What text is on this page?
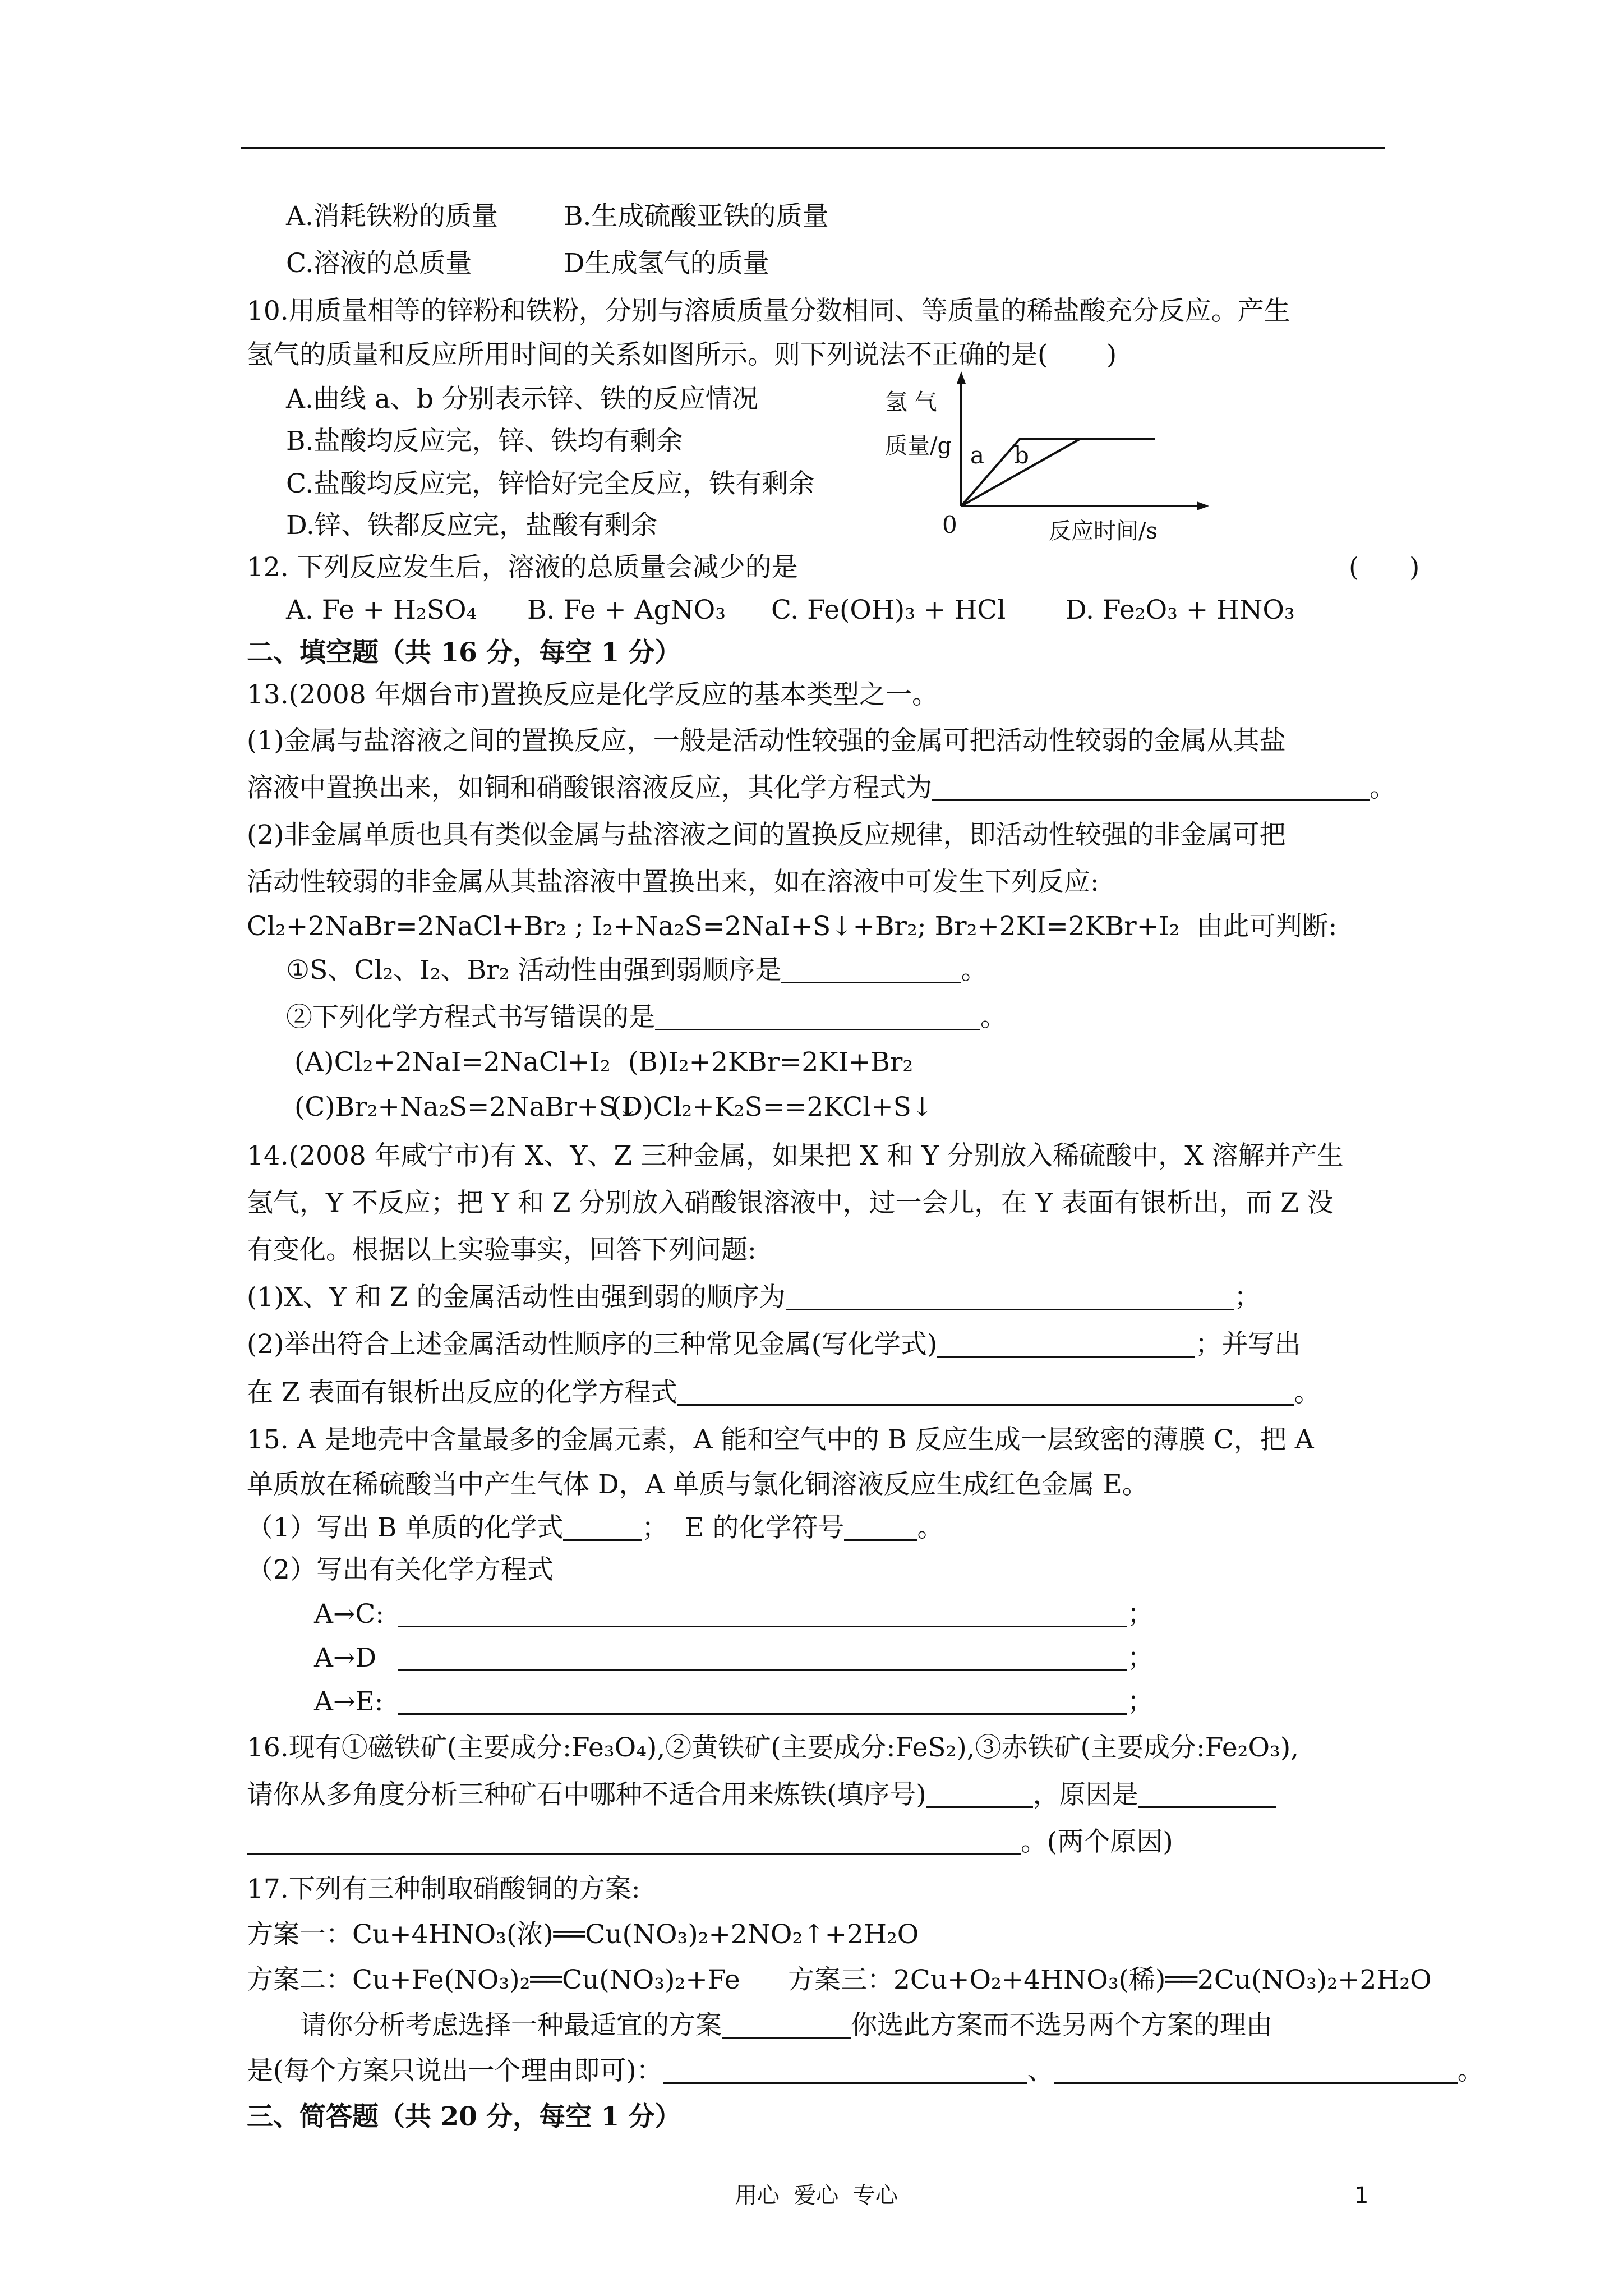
A.消耗铁粉的质量 B.生成硫酸亚铁的质量
C.溶液的总质量	D生成氢气的质量
10.用质量相等的锌粉和铁粉，分别与溶质质量分数相同、等质量的稀盐酸充分反应。产生
氢气的质量和反应所用时间的关系如图所示。则下列说法不正确的是(       )
A.曲线 a、b 分别表示锌、铁的反应情况
B.盐酸均反应完，锌、铁均有剩余
C.盐酸均反应完，锌恰好完全反应，铁有剩余
D.锌、铁都反应完，盐酸有剩余
氢 气
质量/g a b
0	反应时间/s
12. 下列反应发生后，溶液的总质量会减少的是	(      )
A. Fe + H₂SO₄ B. Fe + AgNO₃ C. Fe(OH)₃ + HCl D. Fe₂O₃ + HNO₃
二、填空题（共 16 分，每空 1 分）
13.(2008 年烟台市)置换反应是化学反应的基本类型之一。
(1)金属与盐溶液之间的置换反应，一般是活动性较强的金属可把活动性较弱的金属从其盐
溶液中置换出来，如铜和硝酸银溶液反应，其化学方程式为	。
(2)非金属单质也具有类似金属与盐溶液之间的置换反应规律，即活动性较强的非金属可把
活动性较弱的非金属从其盐溶液中置换出来，如在溶液中可发生下列反应:
Cl₂+2NaBr=2NaCl+Br₂ ; I₂+Na₂S=2NaI+S↓+Br₂; Br₂+2KI=2KBr+I₂  由此可判断:
①S、Cl₂、I₂、Br₂ 活动性由强到弱顺序是	。
②下列化学方程式书写错误的是	。
(A)Cl₂+2NaI=2NaCl+I₂ (B)I₂+2KBr=2KI+Br₂
(C)Br₂+Na₂S=2NaBr+S↓
(D)Cl₂+K₂S==2KCl+S↓
14.(2008 年咸宁市)有 X、Y、Z 三种金属，如果把 X 和 Y 分别放入稀硫酸中，X 溶解并产生
氢气，Y 不反应；把 Y 和 Z 分别放入硝酸银溶液中，过一会儿，在 Y 表面有银析出，而 Z 没
有变化。根据以上实验事实，回答下列问题:
(1)X、Y 和 Z 的金属活动性由强到弱的顺序为	；
(2)举出符合上述金属活动性顺序的三种常见金属(写化学式)	；并写出
在 Z 表面有银析出反应的化学方程式	。
15. A 是地壳中含量最多的金属元素，A 能和空气中的 B 反应生成一层致密的薄膜 C，把 A
单质放在稀硫酸当中产生气体 D，A 单质与氯化铜溶液反应生成红色金属 E。
（1）写出 B 单质的化学式	；  E 的化学符号	。
（2）写出有关化学方程式
A→C:	；
A→D	；
A→E:	；
16.现有①磁铁矿(主要成分:Fe₃O₄),②黄铁矿(主要成分:FeS₂),③赤铁矿(主要成分:Fe₂O₃),
请你从多角度分析三种矿石中哪种不适合用来炼铁(填序号)	，原因是
。(两个原因)
17.下列有三种制取硝酸铜的方案:
方案一：Cu+4HNO₃(浓)══Cu(NO₃)₂+2NO₂↑+2H₂O
方案二：Cu+Fe(NO₃)₂══Cu(NO₃)₂+Fe 方案三：2Cu+O₂+4HNO₃(稀)══2Cu(NO₃)₂+2H₂O
请你分析考虑选择一种最适宜的方案	你选此方案而不选另两个方案的理由
是(每个方案只说出一个理由即可)：	、	。
三、简答题（共 20 分，每空 1 分）
用心  爱心  专心	1
